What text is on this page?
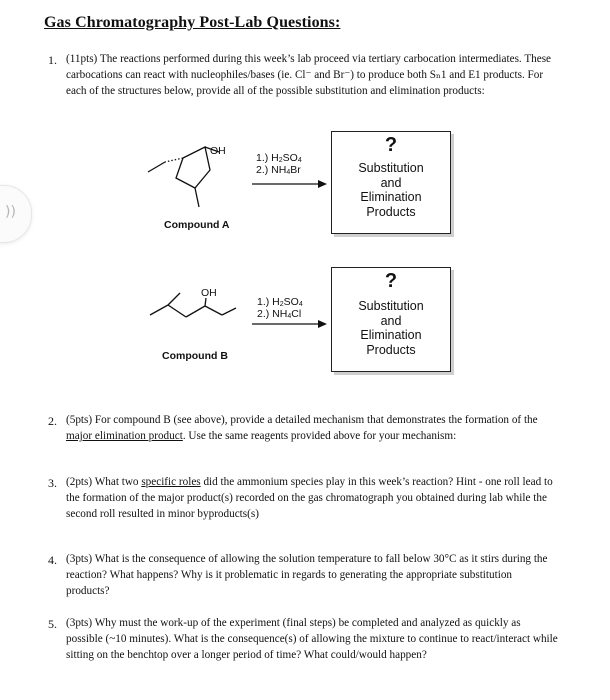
Gas Chromatography Post-Lab Questions:
))
1. (11pts) The reactions performed during this week’s lab proceed via tertiary carbocation intermediates. These carbocations can react with nucleophiles/bases (ie. Cl⁻ and Br⁻) to produce both Sₙ1 and E1 products. For each of the structures below, provide all of the possible substitution and elimination products:
OH
Compound A
1.) $H_2SO_4$
2.) $NH_4Br$
?
Substitution
and
Elimination
Products
OH
Compound B
1.) $H_2SO_4$
2.) $NH_4Cl$
?
Substitution
and
Elimination
Products
2. (5pts) For compound B (see above), provide a detailed mechanism that demonstrates the formation of the major elimination product. Use the same reagents provided above for your mechanism:
3. (2pts) What two specific roles did the ammonium species play in this week’s reaction? Hint - one roll lead to the formation of the major product(s) recorded on the gas chromatograph you obtained during lab while the second roll resulted in minor byproducts(s)
4. (3pts) What is the consequence of allowing the solution temperature to fall below 30°C as it stirs during the reaction? What happens? Why is it problematic in regards to generating the appropriate substitution products?
5. (3pts) Why must the work-up of the experiment (final steps) be completed and analyzed as quickly as possible (~10 minutes). What is the consequence(s) of allowing the mixture to continue to react/interact while sitting on the benchtop over a longer period of time? What could/would happen?
